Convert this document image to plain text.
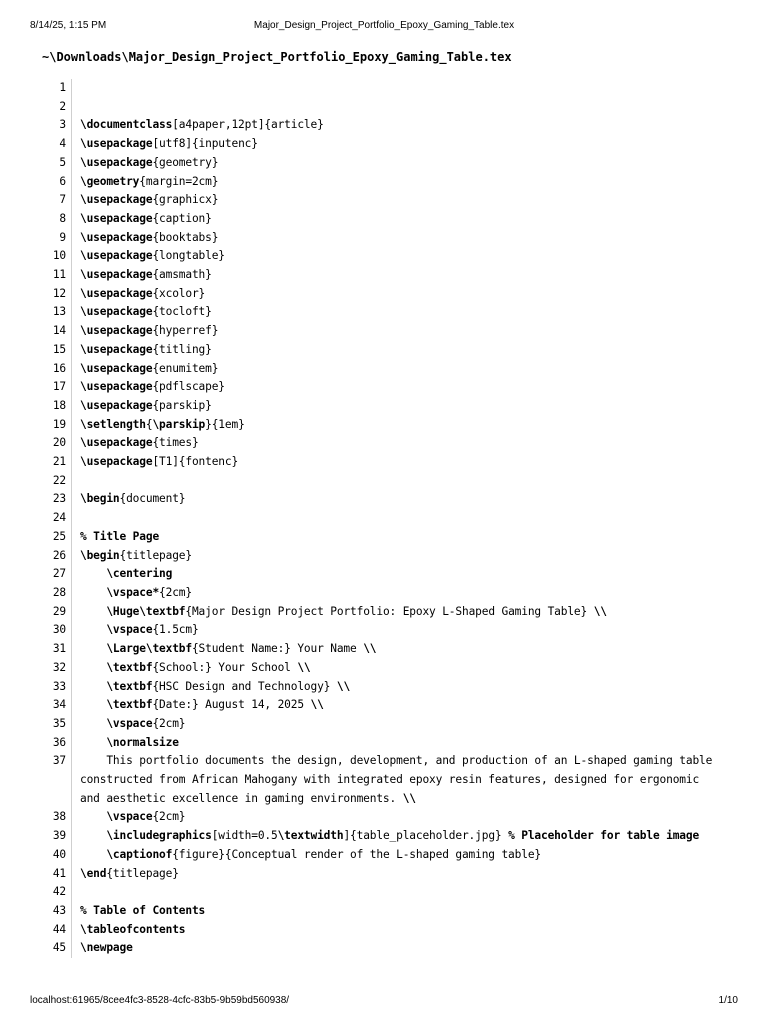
8/14/25, 1:15 PM	Major_Design_Project_Portfolio_Epoxy_Gaming_Table.tex
~\Downloads\Major_Design_Project_Portfolio_Epoxy_Gaming_Table.tex
1
2
3	\documentclass[a4paper,12pt]{article}
4	\usepackage[utf8]{inputenc}
5	\usepackage{geometry}
6	\geometry{margin=2cm}
7	\usepackage{graphicx}
8	\usepackage{caption}
9	\usepackage{booktabs}
10	\usepackage{longtable}
11	\usepackage{amsmath}
12	\usepackage{xcolor}
13	\usepackage{tocloft}
14	\usepackage{hyperref}
15	\usepackage{titling}
16	\usepackage{enumitem}
17	\usepackage{pdflscape}
18	\usepackage{parskip}
19	\setlength{\parskip}{1em}
20	\usepackage{times}
21	\usepackage[T1]{fontenc}
22
23	\begin{document}
24
25	% Title Page
26	\begin{titlepage}
27	\centering
28	\vspace*{2cm}
29	\Huge\textbf{Major Design Project Portfolio: Epoxy L-Shaped Gaming Table} \\
30	\vspace{1.5cm}
31	\Large\textbf{Student Name:} Your Name \\
32	\textbf{School:} Your School \\
33	\textbf{HSC Design and Technology} \\
34	\textbf{Date:} August 14, 2025 \\
35	\vspace{2cm}
36	\normalsize
37	This portfolio documents the design, development, and production of an L-shaped gaming table constructed from African Mahogany with integrated epoxy resin features, designed for ergonomic and aesthetic excellence in gaming environments. \\
38	\vspace{2cm}
39	\includegraphics[width=0.5\textwidth]{table_placeholder.jpg} % Placeholder for table image
40	\captionof{figure}{Conceptual render of the L-shaped gaming table}
41	\end{titlepage}
42
43	% Table of Contents
44	\tableofcontents
45	\newpage
localhost:61965/8cee4fc3-8528-4cfc-83b5-9b59bd560938/	1/10
